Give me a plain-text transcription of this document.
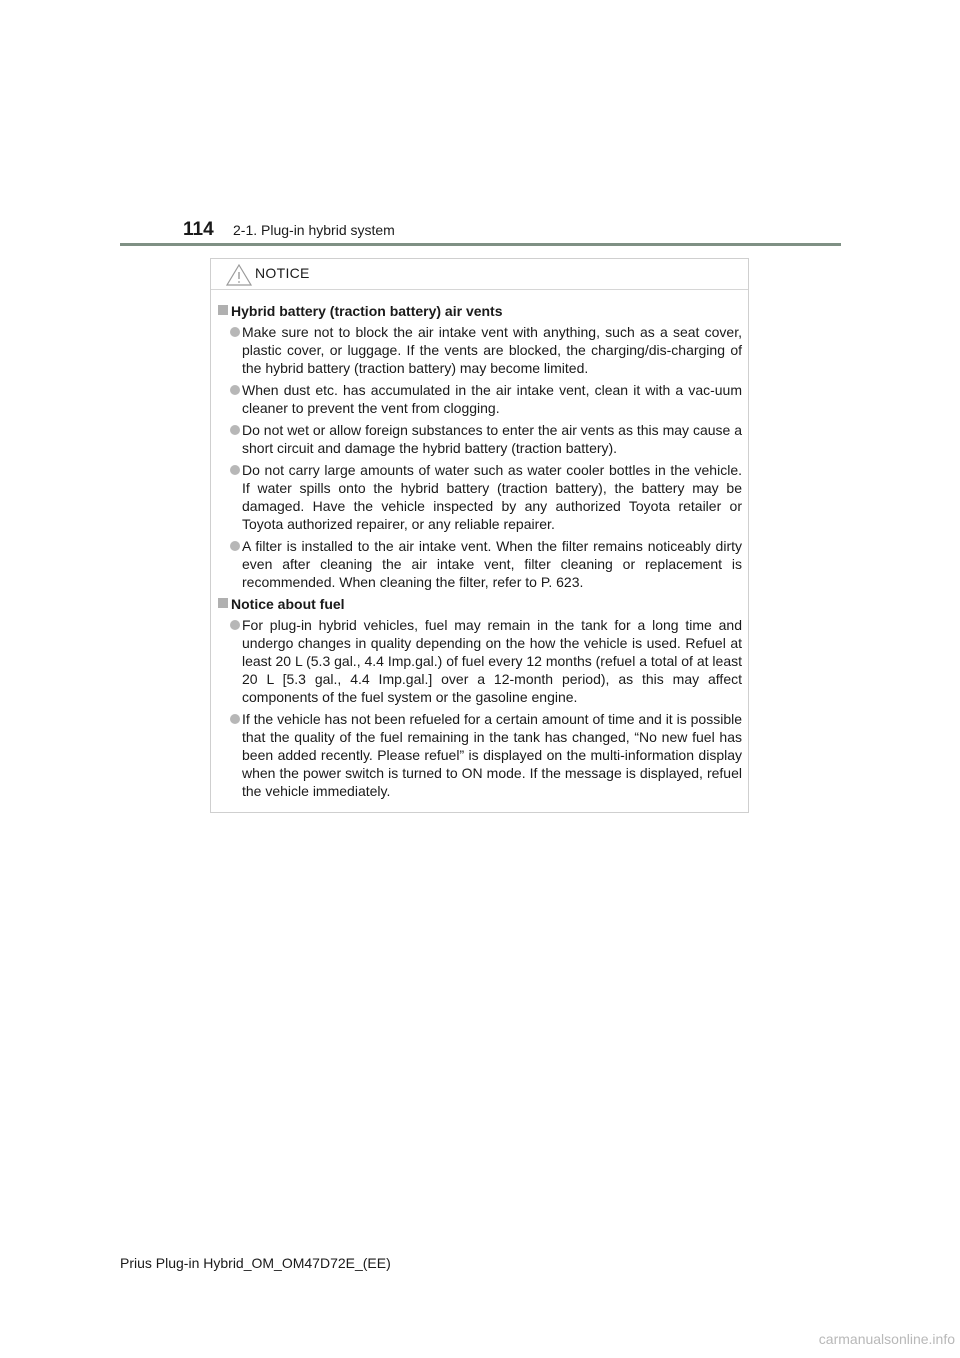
114 2-1. Plug-in hybrid system
NOTICE
Hybrid battery (traction battery) air vents
Make sure not to block the air intake vent with anything, such as a seat cover, plastic cover, or luggage. If the vents are blocked, the charging/dis-charging of the hybrid battery (traction battery) may become limited.
When dust etc. has accumulated in the air intake vent, clean it with a vac-uum cleaner to prevent the vent from clogging.
Do not wet or allow foreign substances to enter the air vents as this may cause a short circuit and damage the hybrid battery (traction battery).
Do not carry large amounts of water such as water cooler bottles in the vehicle. If water spills onto the hybrid battery (traction battery), the battery may be damaged. Have the vehicle inspected by any authorized Toyota retailer or Toyota authorized repairer, or any reliable repairer.
A filter is installed to the air intake vent. When the filter remains noticeably dirty even after cleaning the air intake vent, filter cleaning or replacement is recommended. When cleaning the filter, refer to P. 623.
Notice about fuel
For plug-in hybrid vehicles, fuel may remain in the tank for a long time and undergo changes in quality depending on the how the vehicle is used. Refuel at least 20 L (5.3 gal., 4.4 Imp.gal.) of fuel every 12 months (refuel a total of at least 20 L [5.3 gal., 4.4 Imp.gal.] over a 12-month period), as this may affect components of the fuel system or the gasoline engine.
If the vehicle has not been refueled for a certain amount of time and it is possible that the quality of the fuel remaining in the tank has changed, “No new fuel has been added recently. Please refuel” is displayed on the multi-information display when the power switch is turned to ON mode. If the message is displayed, refuel the vehicle immediately.
Prius Plug-in Hybrid_OM_OM47D72E_(EE)
carmanualsonline.info
